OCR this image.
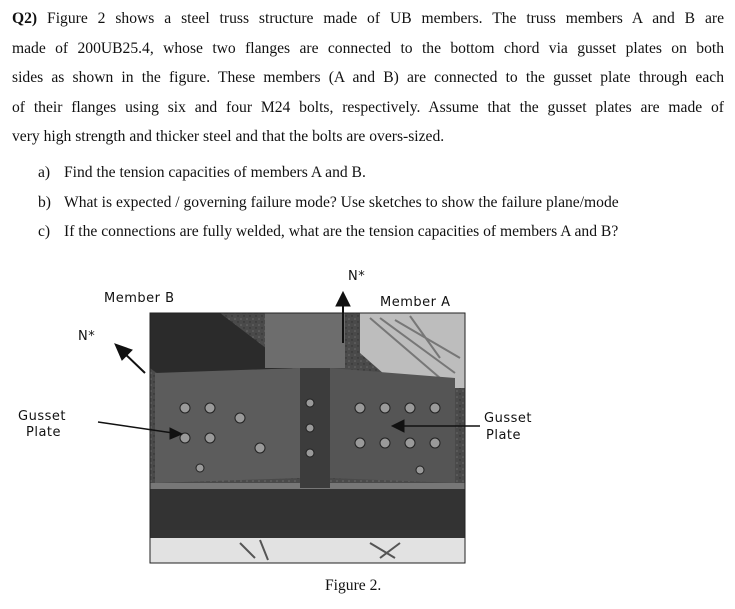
Q2) Figure 2 shows a steel truss structure made of UB members. The truss members A and B are
made of 200UB25.4, whose two flanges are connected to the bottom chord via gusset plates on both
sides as shown in the figure. These members (A and B) are connected to the gusset plate through each
of their flanges using six and four M24 bolts, respectively. Assume that the gusset plates are made of
very high strength and thicker steel and that the bolts are overs-sized.
a) Find the tension capacities of members A and B.
b) What is expected / governing failure mode? Use sketches to show the failure plane/mode
c) If the connections are fully welded, what are the tension capacities of members A and B?
Member B	Member A
N*
N*
Gusset
Plate
Gusset
Plate
Figure 2.
